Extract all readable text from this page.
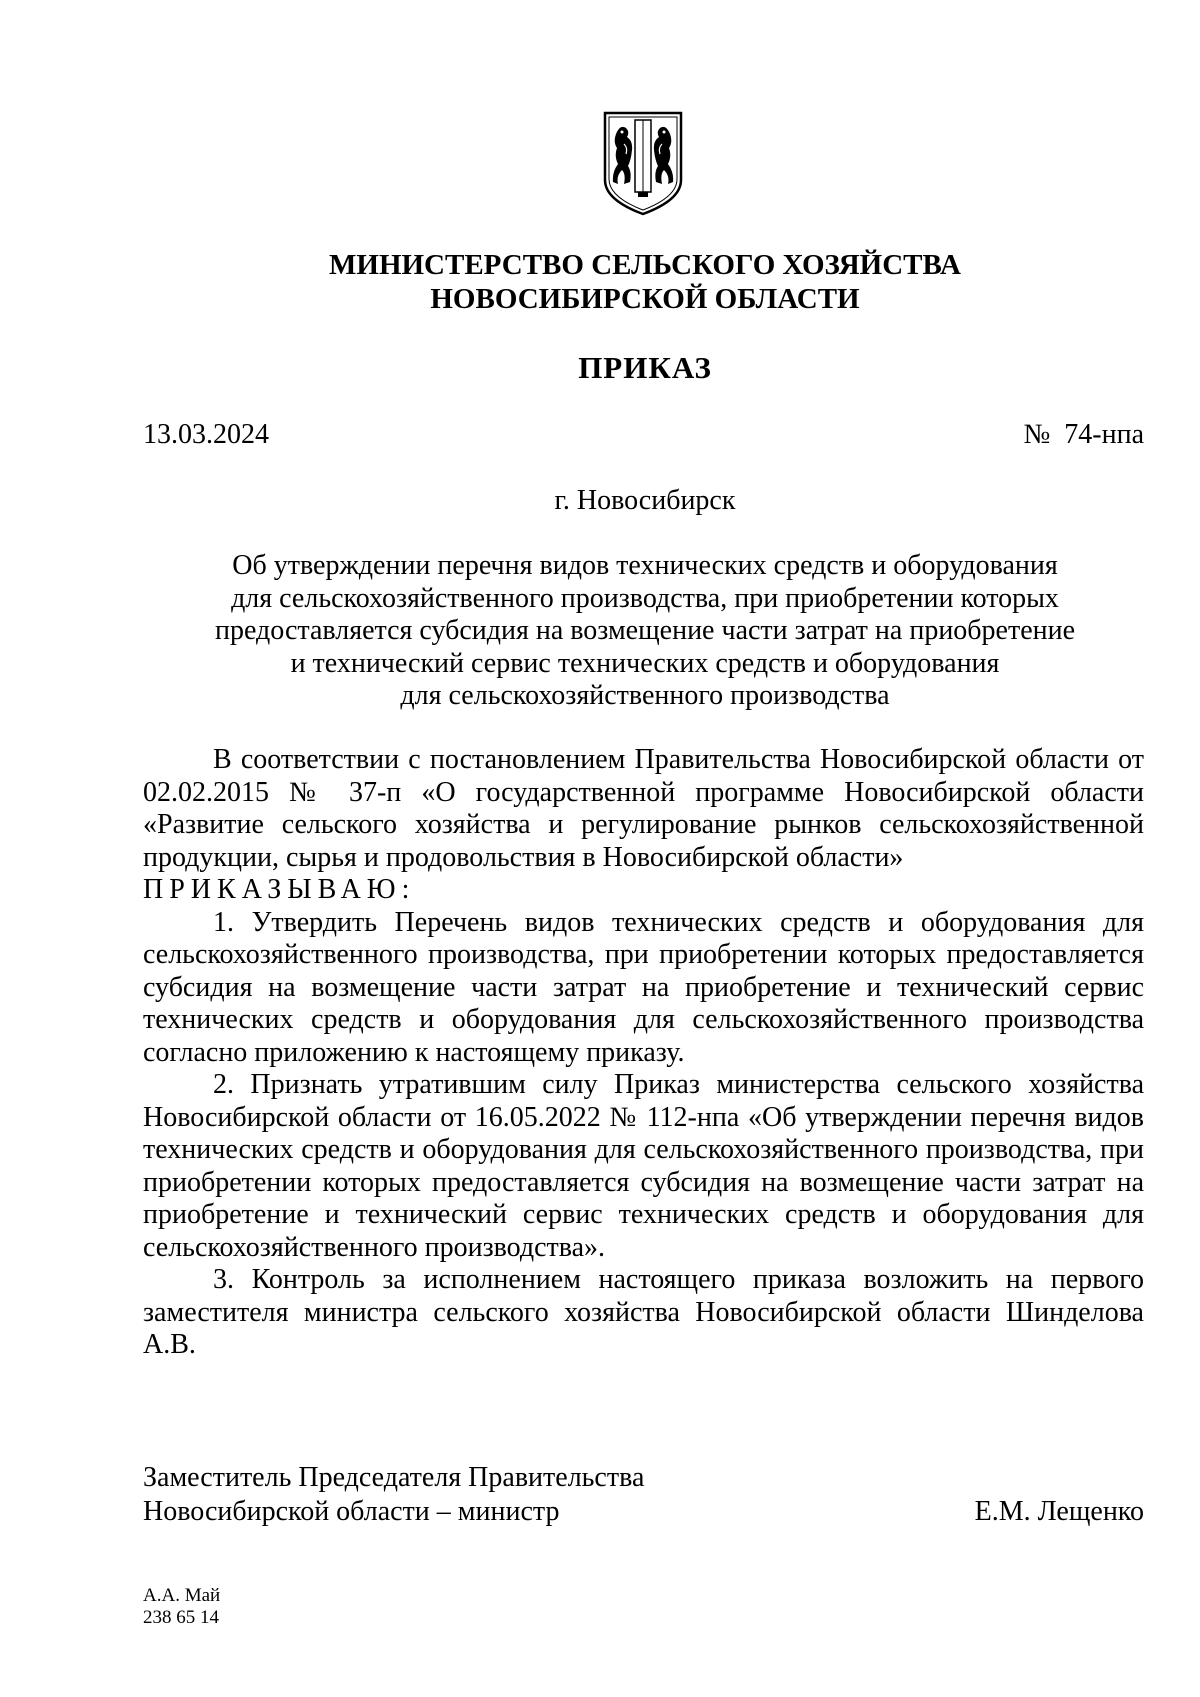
МИНИСТЕРСТВО СЕЛЬСКОГО ХОЗЯЙСТВА
НОВОСИБИРСКОЙ ОБЛАСТИ
ПРИКАЗ
13.03.2024	№  74-нпа
г. Новосибирск
Об утверждении перечня видов технических средств и оборудования
для сельскохозяйственного производства, при приобретении которых
предоставляется субсидия на возмещение части затрат на приобретение
и технический сервис технических средств и оборудования
для сельскохозяйственного производства

В соответствии с постановлением Правительства Новосибирской области от 02.02.2015 № 37-п «О государственной программе Новосибирской области «Развитие сельского хозяйства и регулирование рынков сельскохозяйственной продукции, сырья и продовольствия в Новосибирской области»

ПРИКАЗЫВАЮ:

1. Утвердить Перечень видов технических средств и оборудования для сельскохозяйственного производства, при приобретении которых предоставляется субсидия на возмещение части затрат на приобретение и технический сервис технических средств и оборудования для сельскохозяйственного производства согласно приложению к настоящему приказу.

2. Признать утратившим силу Приказ министерства сельского хозяйства Новосибирской области от 16.05.2022 № 112-нпа «Об утверждении перечня видов технических средств и оборудования для сельскохозяйственного производства, при приобретении которых предоставляется субсидия на возмещение части затрат на приобретение и технический сервис технических средств и оборудования для сельскохозяйственного производства».

3. Контроль за исполнением настоящего приказа возложить на первого заместителя министра сельского хозяйства Новосибирской области Шинделова А.В.

Заместитель Председателя Правительства
Новосибирской области – министр	Е.М. Лещенко
А.А. Май
238 65 14
